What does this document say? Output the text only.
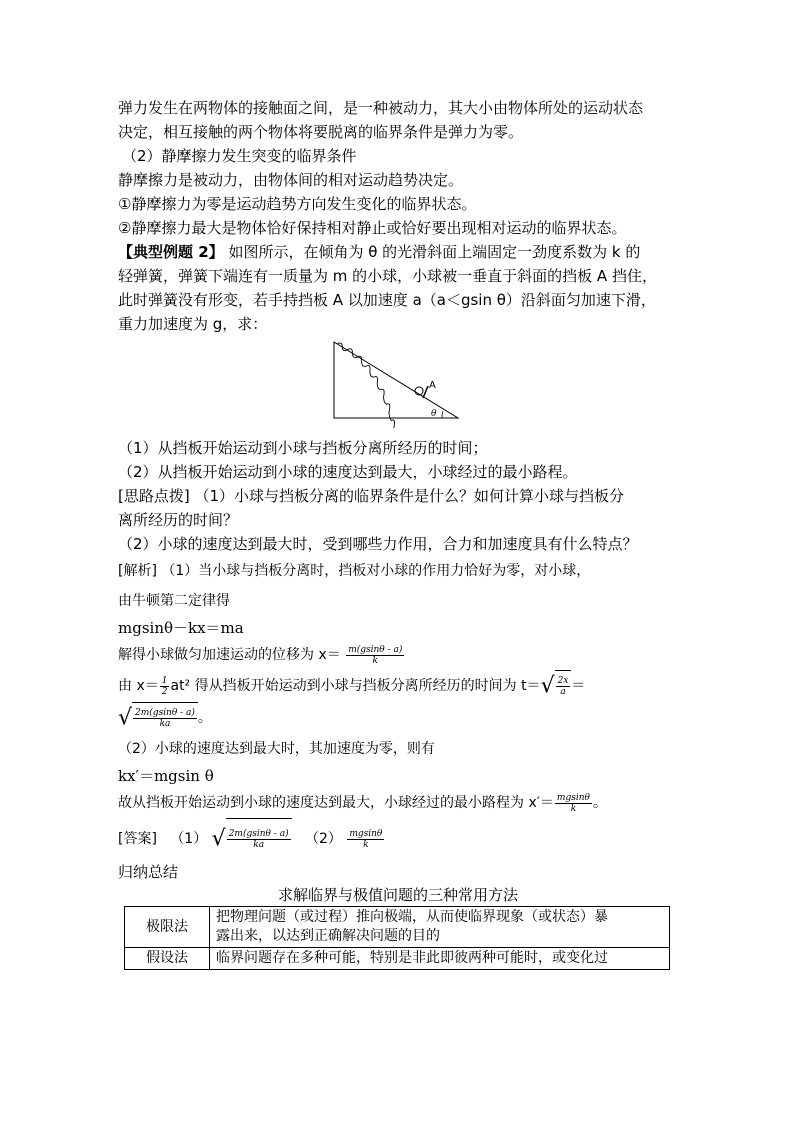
弹力发生在两物体的接触面之间，是一种被动力，其大小由物体所处的运动状态
决定，相互接触的两个物体将要脱离的临界条件是弹力为零。
（2）静摩擦力发生突变的临界条件
静摩擦力是被动力，由物体间的相对运动趋势决定。
①静摩擦力为零是运动趋势方向发生变化的临界状态。
②静摩擦力最大是物体恰好保持相对静止或恰好要出现相对运动的临界状态。
【典型例题 2】 如图所示，在倾角为 θ 的光滑斜面上端固定一劲度系数为 k 的
轻弹簧，弹簧下端连有一质量为 m 的小球，小球被一垂直于斜面的挡板 A 挡住，
此时弹簧没有形变，若手持挡板 A 以加速度 a（a＜gsin θ）沿斜面匀加速下滑，
重力加速度为 g，求：
A
θ
（1）从挡板开始运动到小球与挡板分离所经历的时间；
（2）从挡板开始运动到小球的速度达到最大，小球经过的最小路程。
[思路点拨] （1）小球与挡板分离的临界条件是什么？如何计算小球与挡板分
离所经历的时间？
（2）小球的速度达到最大时，受到哪些力作用，合力和加速度具有什么特点？
[解析] （1）当小球与挡板分离时，挡板对小球的作用力恰好为零，对小球，
由牛顿第二定律得
mgsinθ－kx＝ma
解得小球做匀加速运动的位移为 $x= \frac{m(gsin\theta - a)}{k}$
由 $x= \frac{1}{2} at^2$ 得从挡板开始运动到小球与挡板分离所经历的时间为 $t=√ \frac{2x}{a}$ ＝
√ $\frac{2m(gsin\theta - a)}{ka}$ 。
（2）小球的速度达到最大时，其加速度为零，则有
kx′＝mgsin θ
故从挡板开始运动到小球的速度达到最大，小球经过的最小路程为 $x'= \frac{mgsin\theta}{k}$ 。
[答案] （1） √ $\frac{2m(gsin\theta - a)}{ka} (2) \frac{mgsin\theta}{k}$
归纳总结
求解临界与极值问题的三种常用方法
极限法	把物理问题（或过程）推向极端，从而使临界现象（或状态）暴
露出来，以达到正确解决问题的目的

假设法	临界问题存在多种可能，特别是非此即彼两种可能时，或变化过
